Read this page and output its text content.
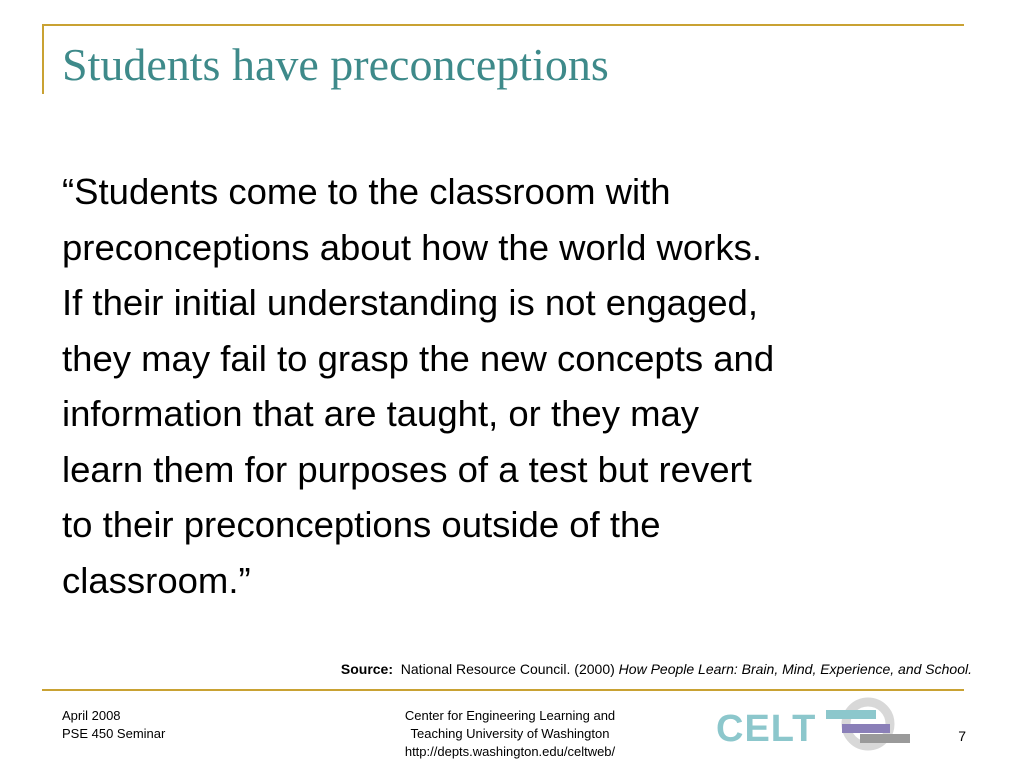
Students have preconceptions
“Students come to the classroom with
preconceptions about how the world works.
If their initial understanding is not engaged,
they may fail to grasp the new concepts and
information that are taught, or they may
learn them for purposes of a test but revert
to their preconceptions outside of the
classroom.”
Source: National Resource Council. (2000) How People Learn: Brain, Mind, Experience, and School.
April 2008
PSE 450 Seminar
Center for Engineering Learning and
Teaching University of Washington
http://depts.washington.edu/celtweb/
CELT	7
